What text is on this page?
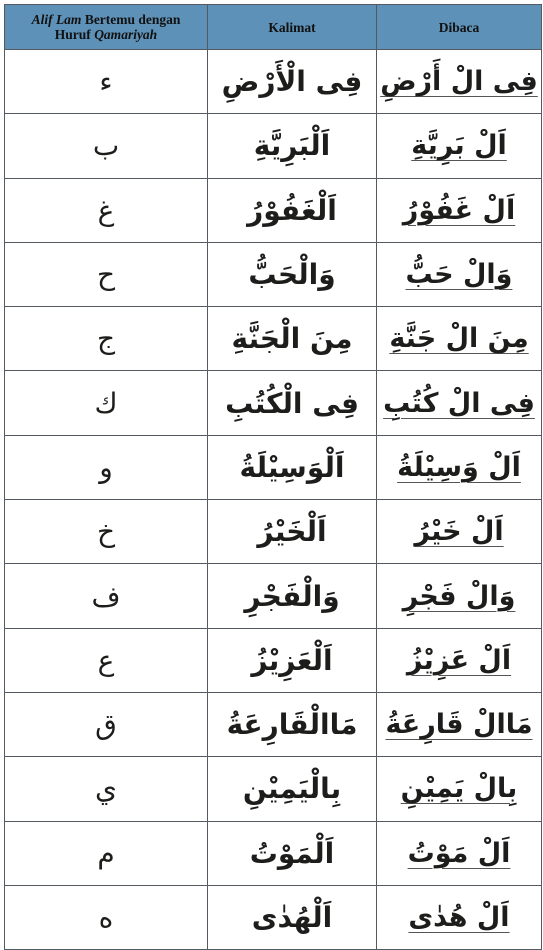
Alif Lam Bertemu dengan
Huruf Qamariyah	Kalimat	Dibaca
ء	فِى الْأَرْضِ	فِى الْ أَرْضِ
ب	اَلْبَرِيَّةِ	اَلْ بَرِيَّةِ
غ	اَلْغَفُوْرُ	اَلْ غَفُوْرُ
ح	وَالْحَبُّ	وَالْ حَبُّ
ج	مِنَ الْجَنَّةِ	مِنَ الْ جَنَّةِ
ك	فِى الْكُتُبِ	فِى الْ كُتُبِ
و	اَلْوَسِيْلَةُ	اَلْ وَسِيْلَةُ
خ	اَلْخَيْرُ	اَلْ خَيْرُ
ف	وَالْفَجْرِ	وَالْ فَجْرِ
ع	اَلْعَزِيْزُ	اَلْ عَزِيْزُ
ق	مَاالْقَارِعَةُ	مَاالْ قَارِعَةُ
ي	بِالْيَمِيْنِ	بِالْ يَمِيْنِ
م	اَلْمَوْتُ	اَلْ مَوْتُ
ه	اَلْهُدٰى	اَلْ هُدٰى
